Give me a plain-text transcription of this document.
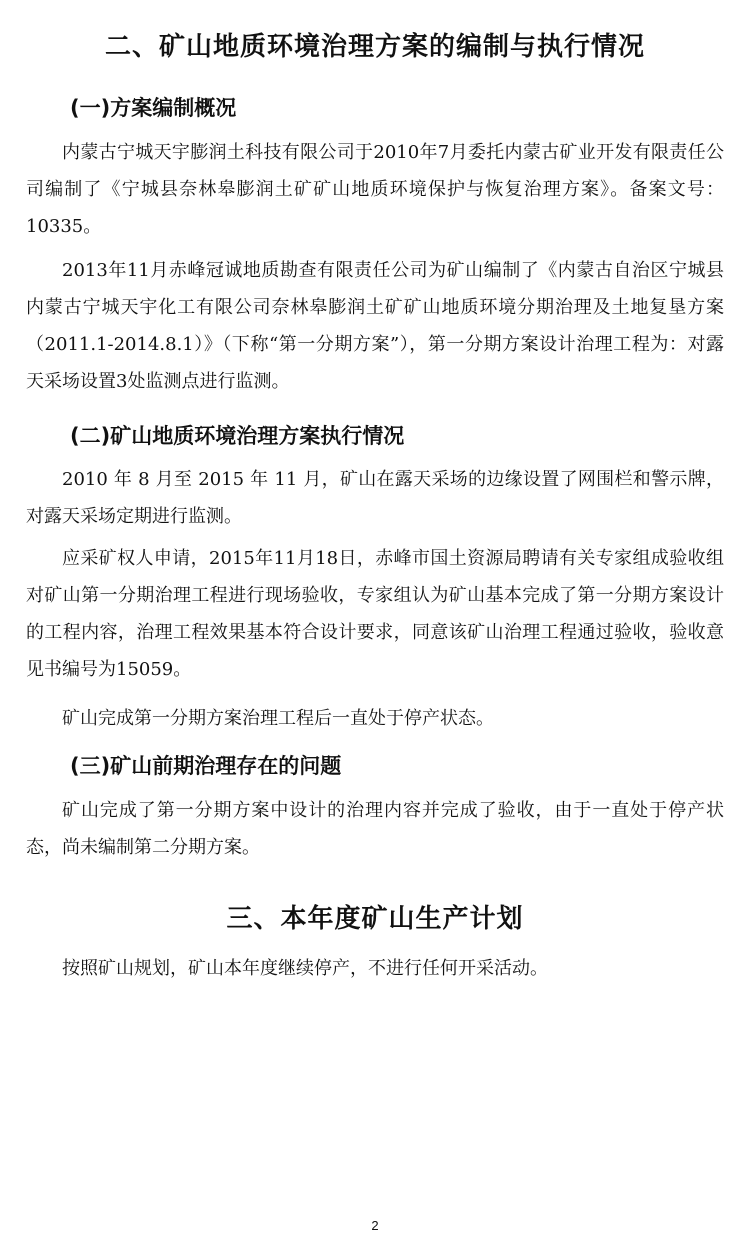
二、矿山地质环境治理方案的编制与执行情况
(一)方案编制概况

内蒙古宁城天宇膨润土科技有限公司于2010年7月委托内蒙古矿业开发有限责任公司编制了《宁城县奈林皋膨润土矿矿山地质环境保护与恢复治理方案》。备案文号：10335。

2013年11月赤峰冠诚地质勘查有限责任公司为矿山编制了《内蒙古自治区宁城县内蒙古宁城天宇化工有限公司奈林皋膨润土矿矿山地质环境分期治理及土地复垦方案（2011.1-2014.8.1）》（下称“第一分期方案”），第一分期方案设计治理工程为：对露天采场设置3处监测点进行监测。

(二)矿山地质环境治理方案执行情况

2010 年 8 月至 2015 年 11 月，矿山在露天采场的边缘设置了网围栏和警示牌，对露天采场定期进行监测。

应采矿权人申请，2015年11月18日，赤峰市国土资源局聘请有关专家组成验收组对矿山第一分期治理工程进行现场验收，专家组认为矿山基本完成了第一分期方案设计的工程内容，治理工程效果基本符合设计要求，同意该矿山治理工程通过验收，验收意见书编号为15059。

矿山完成第一分期方案治理工程后一直处于停产状态。

(三)矿山前期治理存在的问题

矿山完成了第一分期方案中设计的治理内容并完成了验收，由于一直处于停产状态，尚未编制第二分期方案。

三、本年度矿山生产计划

按照矿山规划，矿山本年度继续停产，不进行任何开采活动。

2
